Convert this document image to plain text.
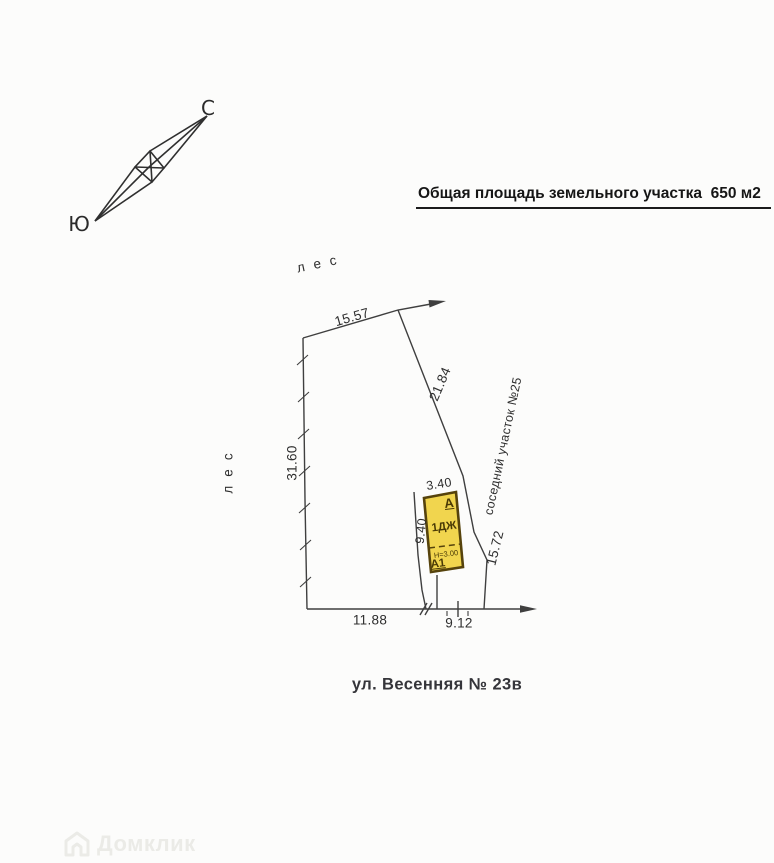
С
Ю
Общая площадь земельного участка  650 м2
лес
лес	соседний участок №25
15.57
21.84
31.60
15.72
11.88	9.12
3.40
9.40
А
1ДЖ
Н=3.00
А1
ул. Весенняя № 23в
Домклик
